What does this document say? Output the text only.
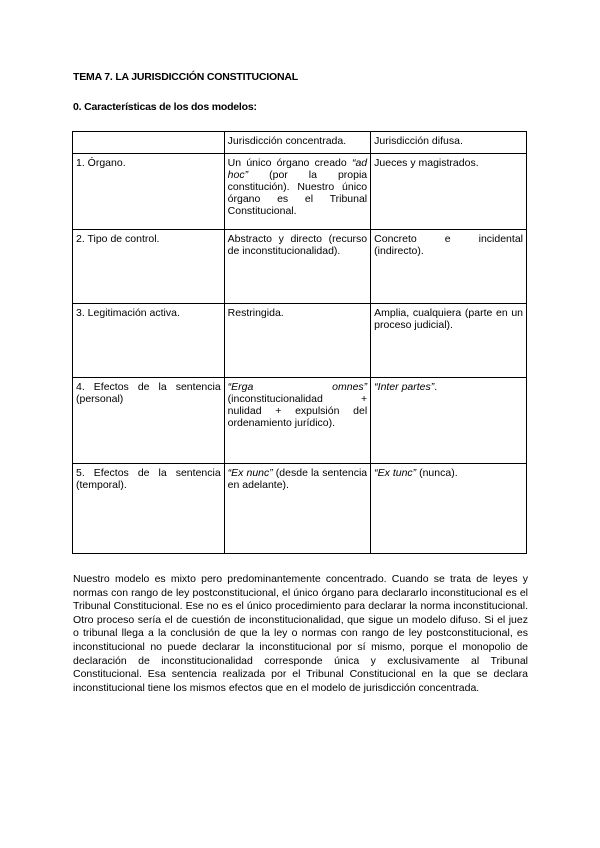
TEMA 7. LA JURISDICCIÓN CONSTITUCIONAL
0. Características de los dos modelos:
	Jurisdicción concentrada.	Jurisdicción difusa.
1. Órgano.	Un único órgano creado “ad hoc” (por la propia constitución). Nuestro único órgano es el Tribunal Constitucional.	Jueces y magistrados.
2. Tipo de control.	Abstracto y directo (recurso de inconstitucionalidad).	Concreto e incidental (indirecto).
3. Legitimación activa.	Restringida.	Amplia, cualquiera (parte en un proceso judicial).
4. Efectos de la sentencia (personal)	“Erga omnes” (inconstitucionalidad + nulidad + expulsión del ordenamiento jurídico).	“Inter partes”.
5. Efectos de la sentencia (temporal).	“Ex nunc” (desde la sentencia en adelante).	“Ex tunc” (nunca).
Nuestro modelo es mixto pero predominantemente concentrado. Cuando se trata de leyes y normas con rango de ley postconstitucional, el único órgano para declararlo inconstitucional es el Tribunal Constitucional. Ese no es el único procedimiento para declarar la norma inconstitucional. Otro proceso sería el de cuestión de inconstitucionalidad, que sigue un modelo difuso. Si el juez o tribunal llega a la conclusión de que la ley o normas con rango de ley postconstitucional, es inconstitucional no puede declarar la inconstitucional por sí mismo, porque el monopolio de declaración de inconstitucionalidad corresponde única y exclusivamente al Tribunal Constitucional. Esa sentencia realizada por el Tribunal Constitucional en la que se declara inconstitucional tiene los mismos efectos que en el modelo de jurisdicción concentrada.
